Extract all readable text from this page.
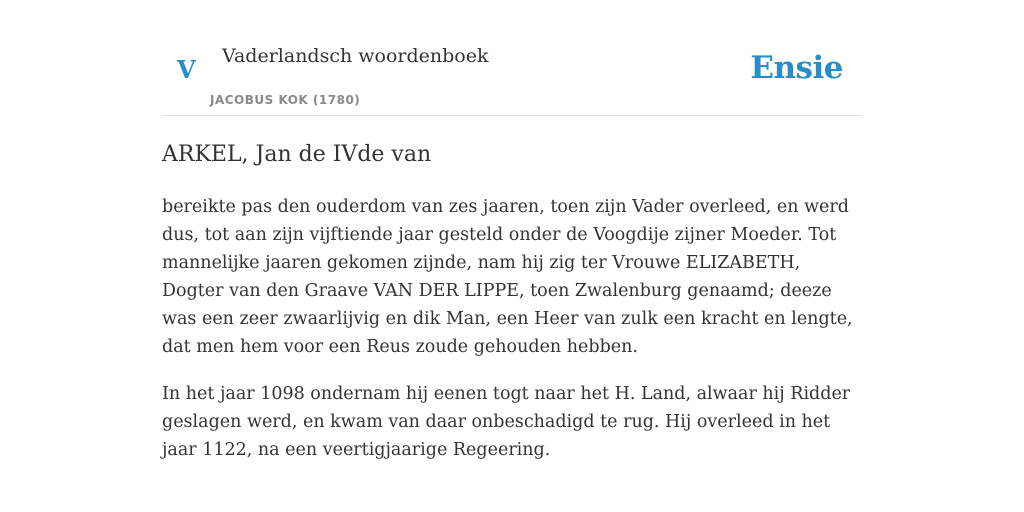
V Vaderlandsch woordenboek
JACOBUS KOK (1780)
Ensie
ARKEL, Jan de IVde van

bereikte pas den ouderdom van zes jaaren, toen zijn Vader overleed, en werd dus, tot aan zijn vijftiende jaar gesteld onder de Voogdije zijner Moeder. Tot mannelijke jaaren gekomen zijnde, nam hij zig ter Vrouwe ELIZABETH, Dogter van den Graave VAN DER LIPPE, toen Zwalenburg genaamd; deeze was een zeer zwaarlijvig en dik Man, een Heer van zulk een kracht en lengte, dat men hem voor een Reus zoude gehouden hebben.

In het jaar 1098 ondernam hij eenen togt naar het H. Land, alwaar hij Ridder geslagen werd, en kwam van daar onbeschadigd te rug. Hij overleed in het jaar 1122, na een veertigjaarige Regeering.
